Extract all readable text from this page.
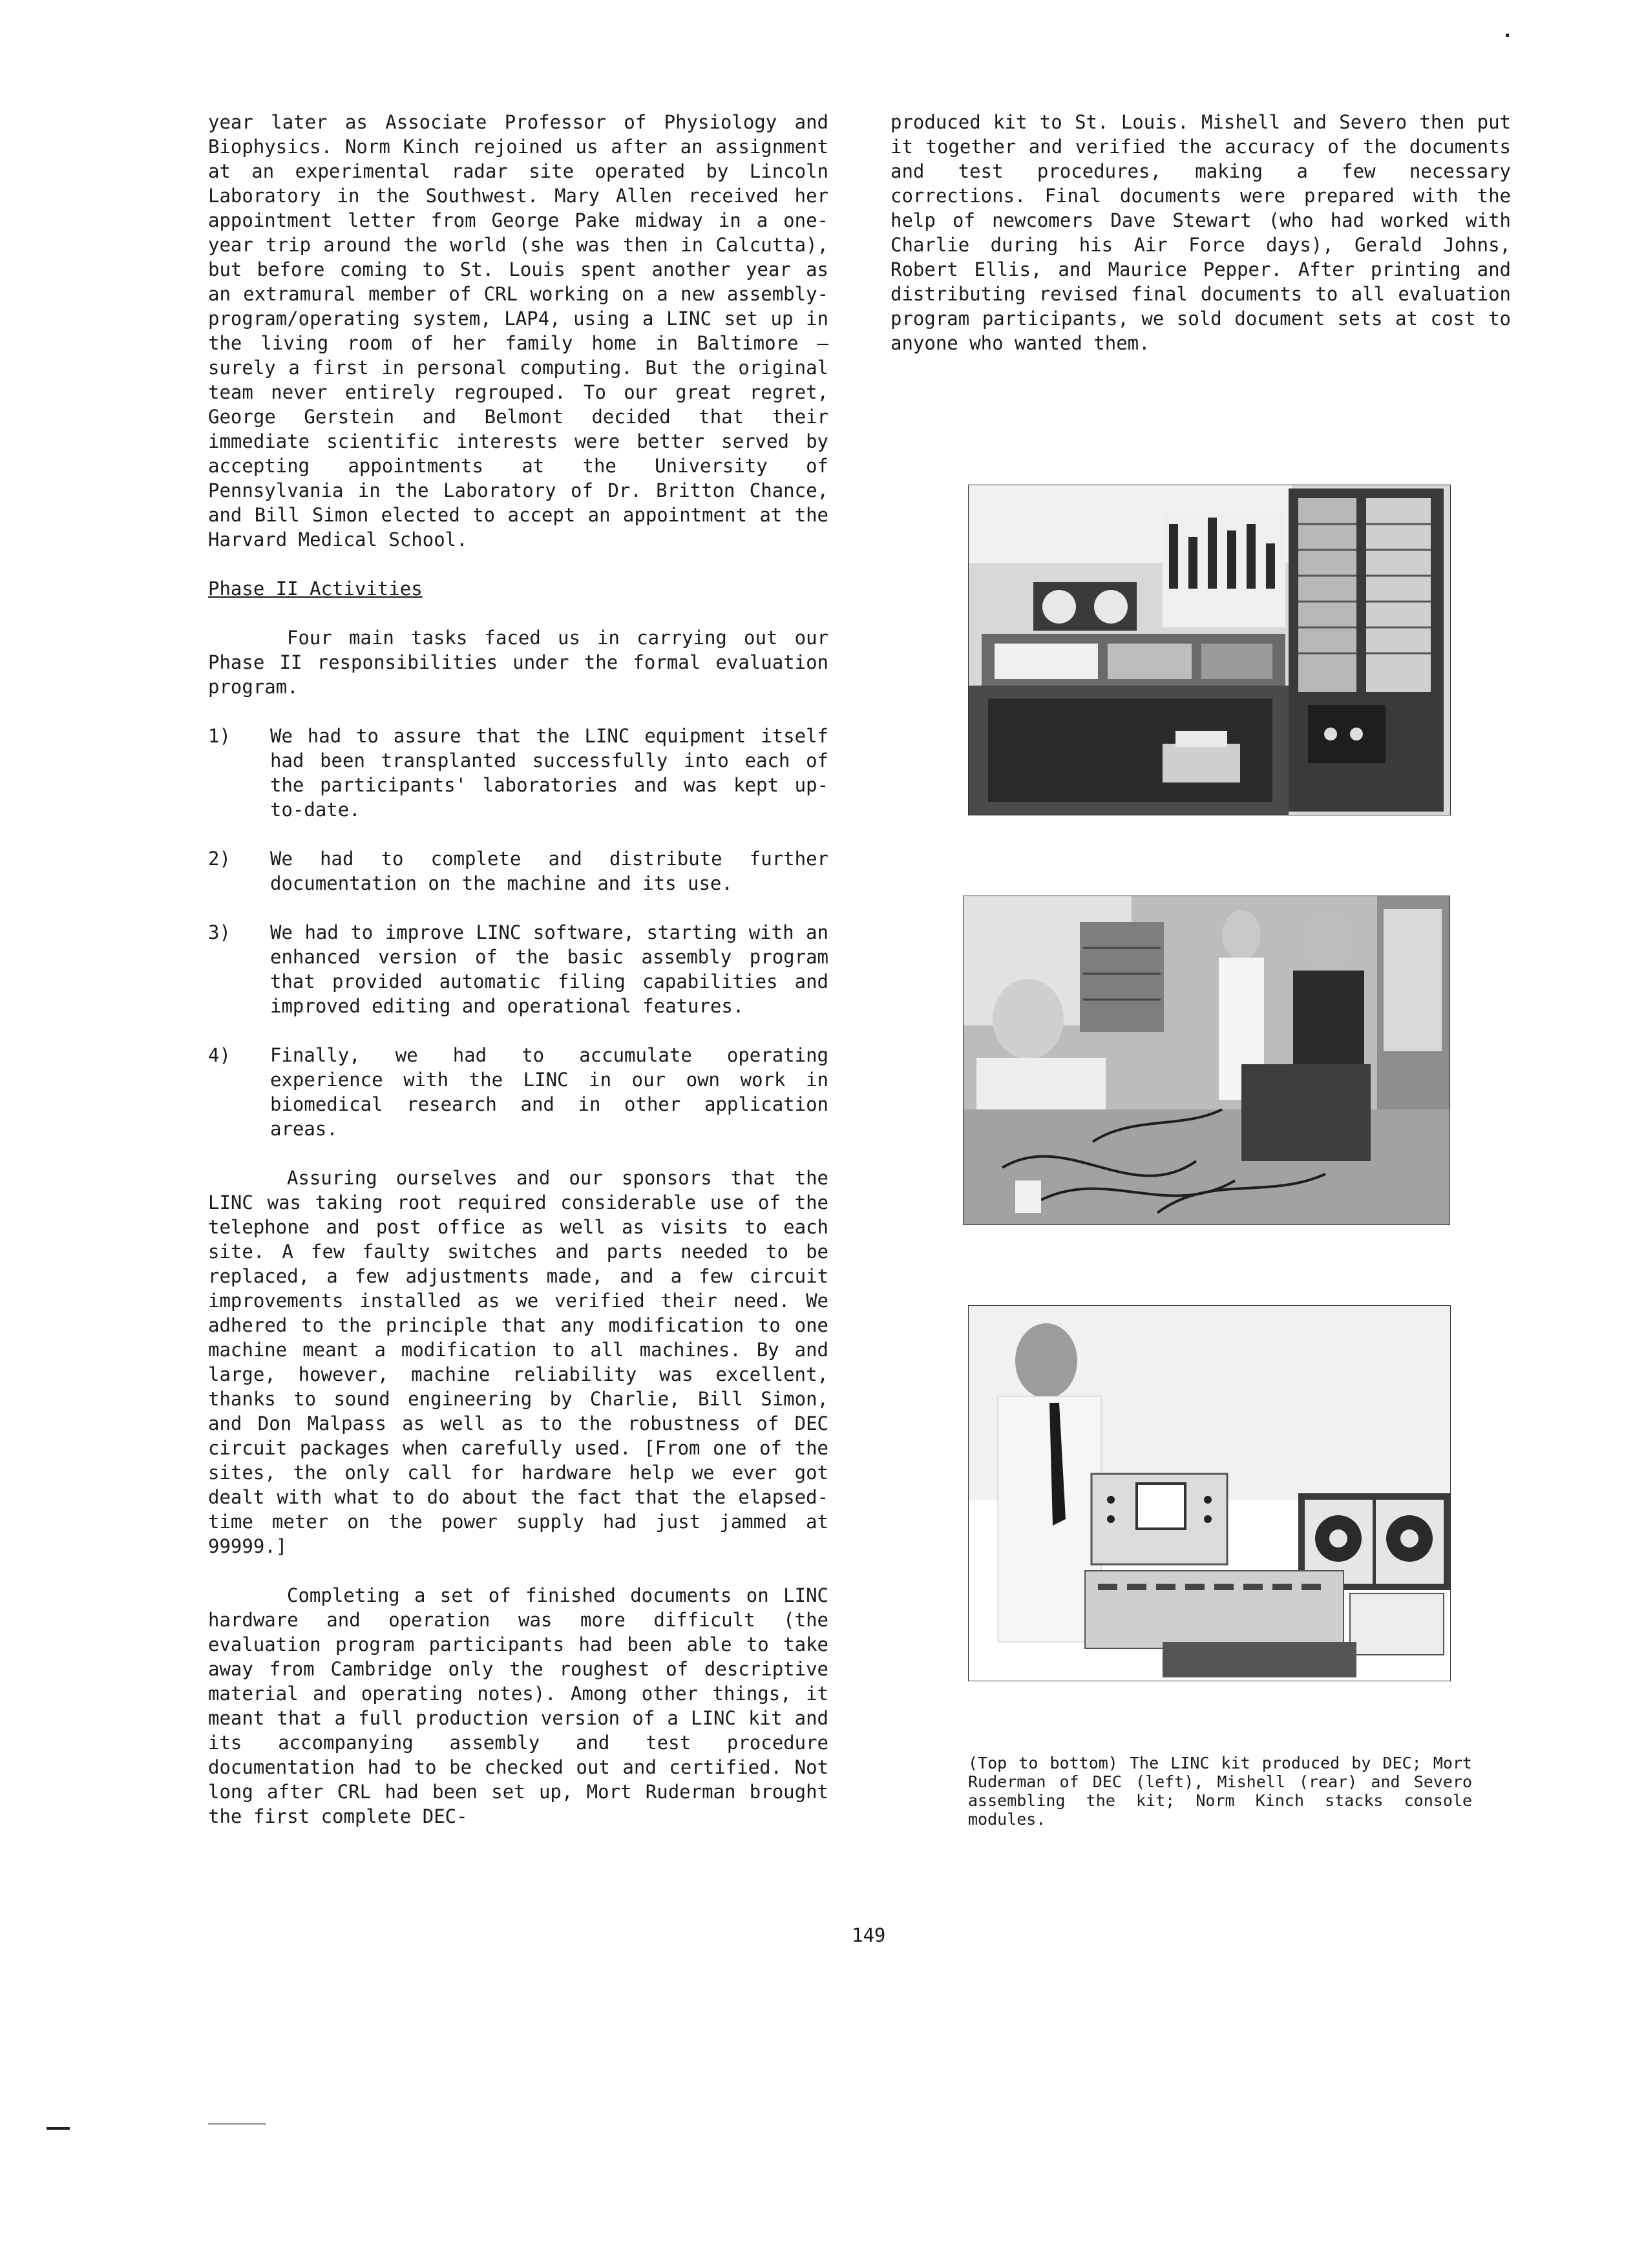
year later as Associate Professor of Physiology and Biophysics. Norm Kinch rejoined us after an assignment at an experimental radar site operated by Lincoln Laboratory in the Southwest. Mary Allen received her appointment letter from George Pake midway in a one-year trip around the world (she was then in Calcutta), but before coming to St. Louis spent another year as an extramural member of CRL working on a new assembly-program/operating system, LAP4, using a LINC set up in the living room of her family home in Baltimore — surely a first in personal computing. But the original team never entirely regrouped. To our great regret, George Gerstein and Belmont decided that their immediate scientific interests were better served by accepting appointments at the University of Pennsylvania in the Laboratory of Dr. Britton Chance, and Bill Simon elected to accept an appointment at the Harvard Medical School.

Phase II Activities

Four main tasks faced us in carrying out our Phase II responsibilities under the formal evaluation program.

1) We had to assure that the LINC equipment itself had been transplanted successfully into each of the participants' laboratories and was kept up-to-date.
2) We had to complete and distribute further documentation on the machine and its use.
3) We had to improve LINC software, starting with an enhanced version of the basic assembly program that provided automatic filing capabilities and improved editing and operational features.
4) Finally, we had to accumulate operating experience with the LINC in our own work in biomedical research and in other application areas.

Assuring ourselves and our sponsors that the LINC was taking root required considerable use of the telephone and post office as well as visits to each site. A few faulty switches and parts needed to be replaced, a few adjustments made, and a few circuit improvements installed as we verified their need. We adhered to the principle that any modification to one machine meant a modification to all machines. By and large, however, machine reliability was excellent, thanks to sound engineering by Charlie, Bill Simon, and Don Malpass as well as to the robustness of DEC circuit packages when carefully used. [From one of the sites, the only call for hardware help we ever got dealt with what to do about the fact that the elapsed-time meter on the power supply had just jammed at 99999.]

Completing a set of finished documents on LINC hardware and operation was more difficult (the evaluation program participants had been able to take away from Cambridge only the roughest of descriptive material and operating notes). Among other things, it meant that a full production version of a LINC kit and its accompanying assembly and test procedure documentation had to be checked out and certified. Not long after CRL had been set up, Mort Ruderman brought the first complete DEC-

produced kit to St. Louis. Mishell and Severo then put it together and verified the accuracy of the documents and test procedures, making a few necessary corrections. Final documents were prepared with the help of newcomers Dave Stewart (who had worked with Charlie during his Air Force days), Gerald Johns, Robert Ellis, and Maurice Pepper. After printing and distributing revised final documents to all evaluation program participants, we sold document sets at cost to anyone who wanted them.

(Top to bottom) The LINC kit produced by DEC; Mort Ruderman of DEC (left), Mishell (rear) and Severo assembling the kit; Norm Kinch stacks console modules.

149
